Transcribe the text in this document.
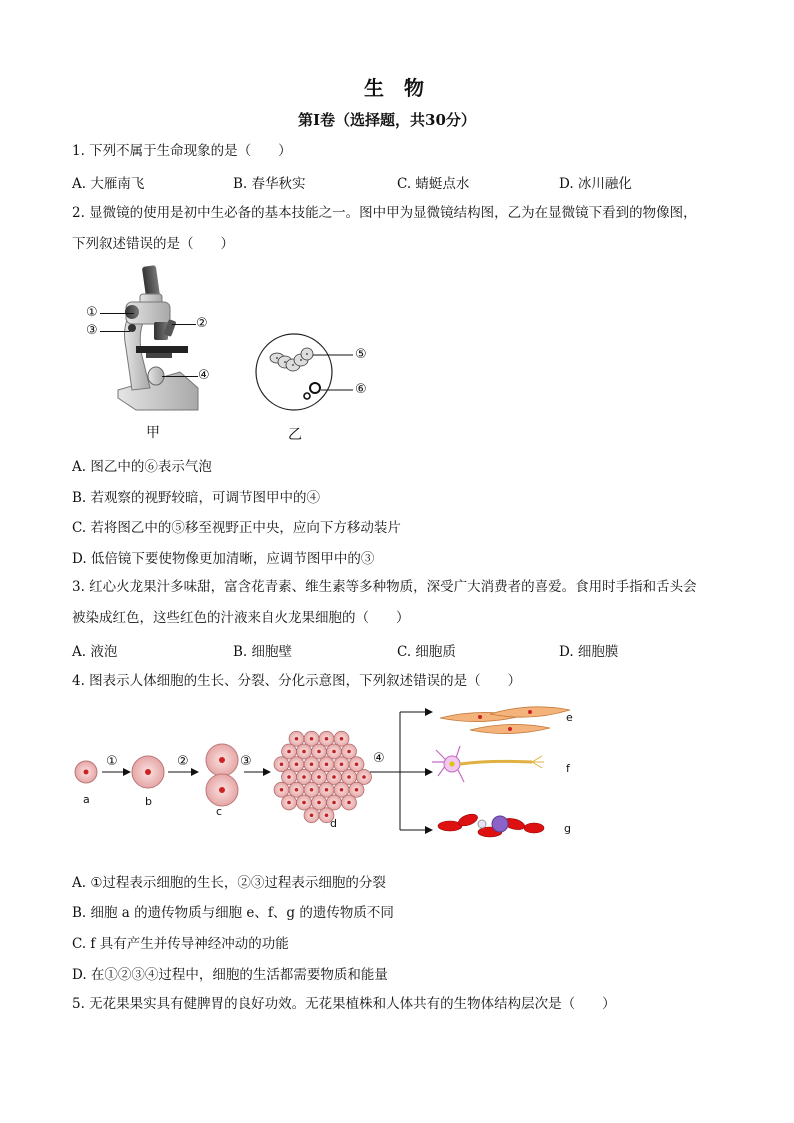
生　物
第Ⅰ卷（选择题，共30分）
1. 下列不属于生命现象的是（　　）
A. 大雁南飞	B. 春华秋实	C. 蜻蜓点水	D. 冰川融化
2. 显微镜的使用是初中生必备的基本技能之一。图中甲为显微镜结构图，乙为在显微镜下看到的物像图，
下列叙述错误的是（　　）
①
③	②
④
甲
⑤
⑥
乙
A. 图乙中的⑥表示气泡
B. 若观察的视野较暗，可调节图甲中的④
C. 若将图乙中的⑤移至视野正中央，应向下方移动装片
D. 低倍镜下要使物像更加清晰，应调节图甲中的③
3. 红心火龙果汁多味甜，富含花青素、维生素等多种物质，深受广大消费者的喜爱。食用时手指和舌头会
被染成红色，这些红色的汁液来自火龙果细胞的（　　）
A. 液泡	B. 细胞壁	C. 细胞质	D. 细胞膜
4. 图表示人体细胞的生长、分裂、分化示意图，下列叙述错误的是（　　）
a	b
c
d
e
f
g
①	②	③	④
A. ①过程表示细胞的生长，②③过程表示细胞的分裂
B. 细胞 a 的遗传物质与细胞 e、f、g 的遗传物质不同
C. f 具有产生并传导神经冲动的功能
D. 在①②③④过程中，细胞的生活都需要物质和能量
5. 无花果果实具有健脾胃的良好功效。无花果植株和人体共有的生物体结构层次是（　　）
